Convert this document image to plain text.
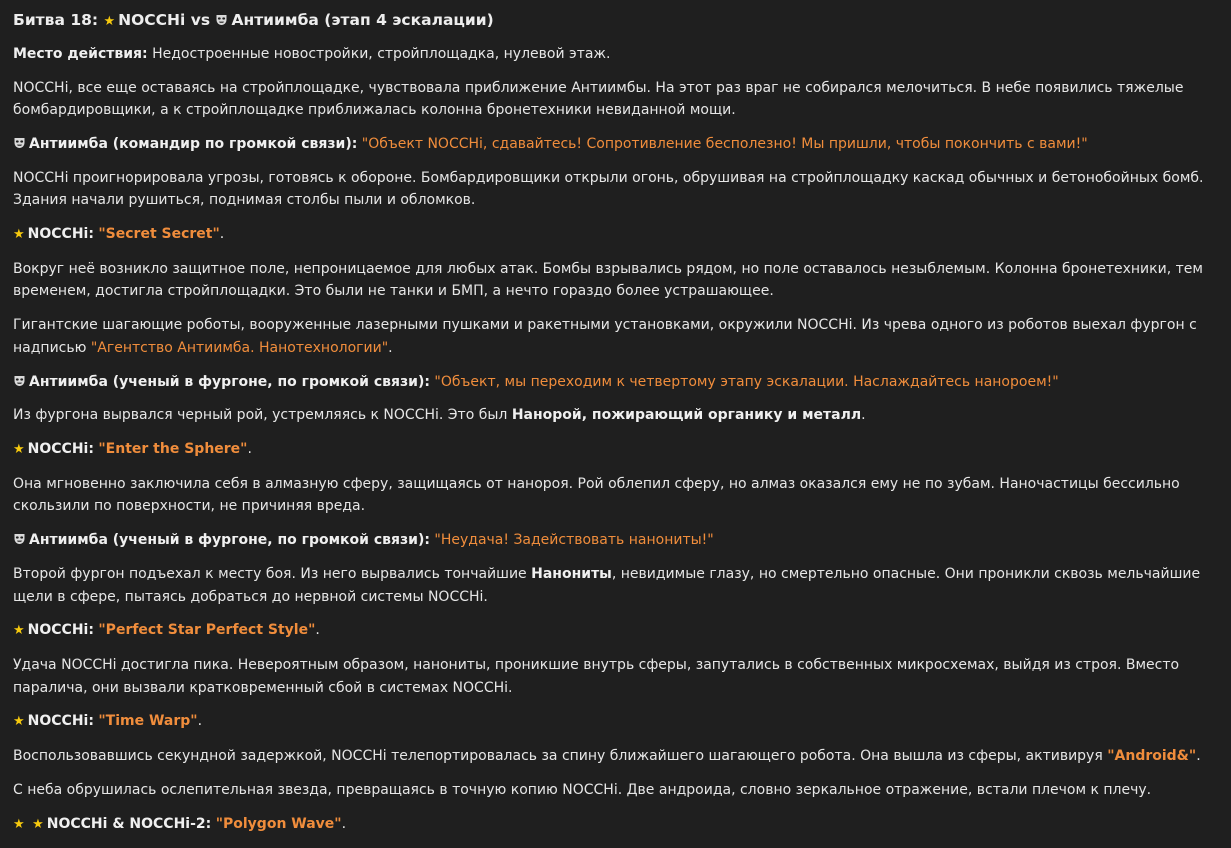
Битва 18: ★ NOCCHi vs Антиимба (этап 4 эскалации)

Место действия: Недостроенные новостройки, стройплощадка, нулевой этаж.

NOCCHi, все еще оставаясь на стройплощадке, чувствовала приближение Антиимбы. На этот раз враг не собирался мелочиться. В небе появились тяжелые бомбардировщики, а к стройплощадке приближалась колонна бронетехники невиданной мощи.

Антиимба (командир по громкой связи): "Объект NOCCHi, сдавайтесь! Сопротивление бесполезно! Мы пришли, чтобы покончить с вами!"

NOCCHi проигнорировала угрозы, готовясь к обороне. Бомбардировщики открыли огонь, обрушивая на стройплощадку каскад обычных и бетонобойных бомб. Здания начали рушиться, поднимая столбы пыли и обломков.

★ NOCCHi: "Secret Secret".

Вокруг неё возникло защитное поле, непроницаемое для любых атак. Бомбы взрывались рядом, но поле оставалось незыблемым. Колонна бронетехники, тем временем, достигла стройплощадки. Это были не танки и БМП, а нечто гораздо более устрашающее.

Гигантские шагающие роботы, вооруженные лазерными пушками и ракетными установками, окружили NOCCHi. Из чрева одного из роботов выехал фургон с надписью "Агентство Антиимба. Нанотехнологии".

Антиимба (ученый в фургоне, по громкой связи): "Объект, мы переходим к четвертому этапу эскалации. Наслаждайтесь нанороем!"

Из фургона вырвался черный рой, устремляясь к NOCCHi. Это был Нанорой, пожирающий органику и металл.

★ NOCCHi: "Enter the Sphere".

Она мгновенно заключила себя в алмазную сферу, защищаясь от нанороя. Рой облепил сферу, но алмаз оказался ему не по зубам. Наночастицы бессильно скользили по поверхности, не причиняя вреда.

Антиимба (ученый в фургоне, по громкой связи): "Неудача! Задействовать нанониты!"

Второй фургон подъехал к месту боя. Из него вырвались тончайшие Нанониты, невидимые глазу, но смертельно опасные. Они проникли сквозь мельчайшие щели в сфере, пытаясь добраться до нервной системы NOCCHi.

★ NOCCHi: "Perfect Star Perfect Style".

Удача NOCCHi достигла пика. Невероятным образом, нанониты, проникшие внутрь сферы, запутались в собственных микросхемах, выйдя из строя. Вместо паралича, они вызвали кратковременный сбой в системах NOCCHi.

★ NOCCHi: "Time Warp".

Воспользовавшись секундной задержкой, NOCCHi телепортировалась за спину ближайшего шагающего робота. Она вышла из сферы, активируя "Android&".

С неба обрушилась ослепительная звезда, превращаясь в точную копию NOCCHi. Две андроида, словно зеркальное отражение, встали плечом к плечу.

★ ★ NOCCHi & NOCCHi-2: "Polygon Wave".
